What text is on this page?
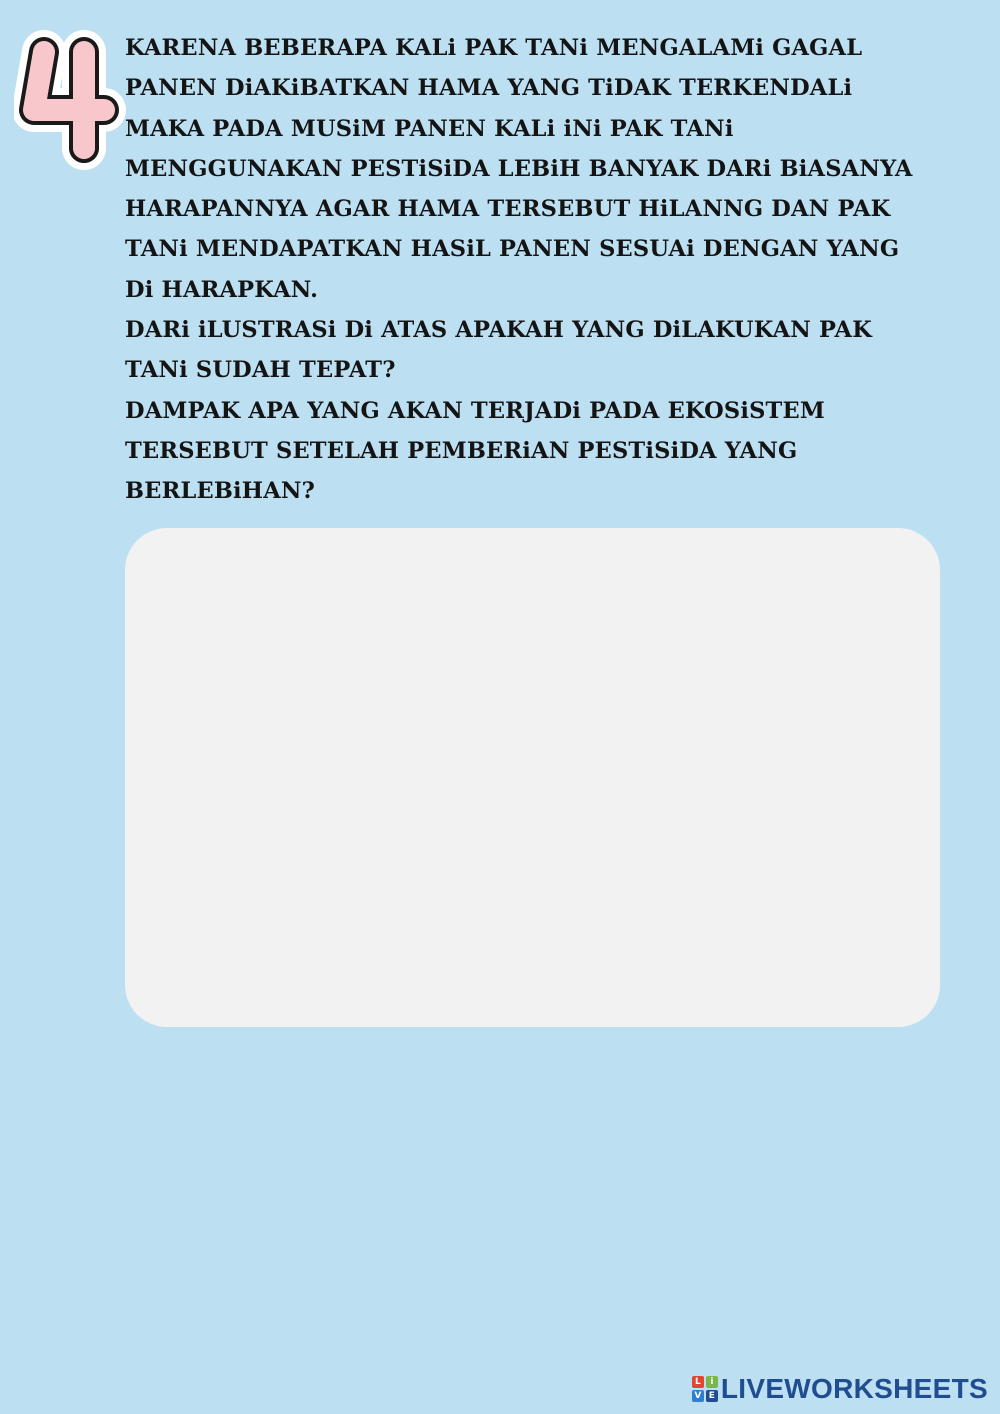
4
KARENA BEBERAPA KALi PAK TANi MENGALAMi GAGAL
PANEN DiAKiBATKAN HAMA YANG TiDAK TERKENDALi
MAKA PADA MUSiM PANEN KALi iNi PAK TANi
MENGGUNAKAN PESTiSiDA LEBiH BANYAK DARi BiASANYA
HARAPANNYA AGAR HAMA TERSEBUT HiLANNG DAN PAK
TANi MENDAPATKAN HASiL PANEN SESUAi DENGAN YANG
Di HARAPKAN.
DARi iLUSTRASi Di ATAS APAKAH YANG DiLAKUKAN PAK
TANi SUDAH TEPAT?
DAMPAK APA YANG AKAN TERJADi PADA EKOSiSTEM
TERSEBUT SETELAH PEMBERiAN PESTiSiDA YANG
BERLEBiHAN?
L	i
V E LIVEWORKSHEETS
